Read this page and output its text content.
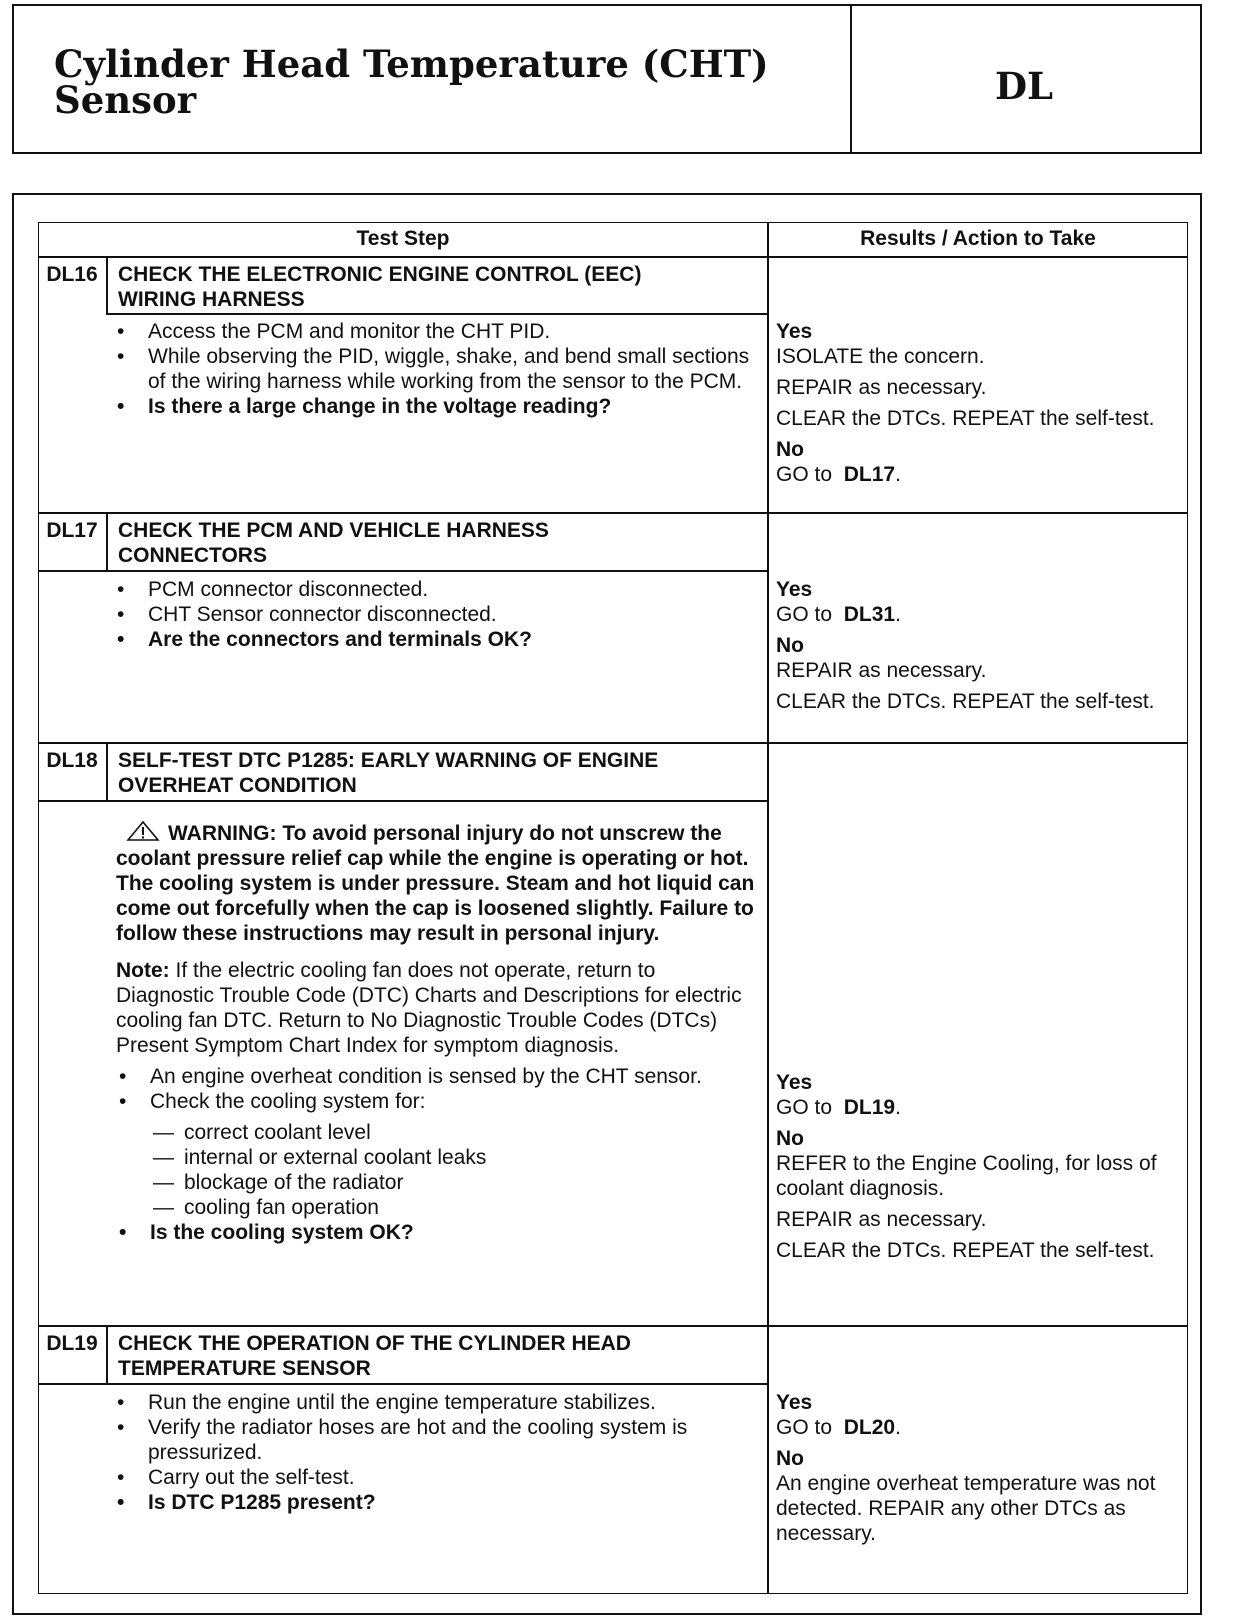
Cylinder Head Temperature (CHT)
Sensor	DL
Test Step	Results / Action to Take
DL16 CHECK THE ELECTRONIC ENGINE CONTROL (EEC)
WIRING HARNESS
• Access the PCM and monitor the CHT PID.
• While observing the PID, wiggle, shake, and bend small sections of the wiring harness while working from the sensor to the PCM.
• Is there a large change in the voltage reading?
Yes

ISOLATE the concern.

REPAIR as necessary.

CLEAR the DTCs. REPEAT the self-test.

No
GO to DL17.
DL17 CHECK THE PCM AND VEHICLE HARNESS
CONNECTORS
• PCM connector disconnected.
• CHT Sensor connector disconnected.
• Are the connectors and terminals OK?
Yes

GO to DL31.

No

REPAIR as necessary.

CLEAR the DTCs. REPEAT the self-test.

DL18 SELF-TEST DTC P1285: EARLY WARNING OF ENGINE
OVERHEAT CONDITION
WARNING: To avoid personal injury do not unscrew the coolant pressure relief cap while the engine is operating or hot. The cooling system is under pressure. Steam and hot liquid can come out forcefully when the cap is loosened slightly. Failure to follow these instructions may result in personal injury.
Note: If the electric cooling fan does not operate, return to Diagnostic Trouble Code (DTC) Charts and Descriptions for electric cooling fan DTC. Return to No Diagnostic Trouble Codes (DTCs) Present Symptom Chart Index for symptom diagnosis.
• An engine overheat condition is sensed by the CHT sensor.
• Check the cooling system for:
— correct coolant level
— internal or external coolant leaks
— blockage of the radiator
— cooling fan operation
• Is the cooling system OK?
Yes

GO to DL19.

No

REFER to the Engine Cooling, for loss of coolant diagnosis.

REPAIR as necessary.

CLEAR the DTCs. REPEAT the self-test.

DL19 CHECK THE OPERATION OF THE CYLINDER HEAD
TEMPERATURE SENSOR
• Run the engine until the engine temperature stabilizes.
• Verify the radiator hoses are hot and the cooling system is pressurized.
• Carry out the self-test.
• Is DTC P1285 present?
Yes

GO to DL20.

No

An engine overheat temperature was not detected. REPAIR any other DTCs as necessary.
